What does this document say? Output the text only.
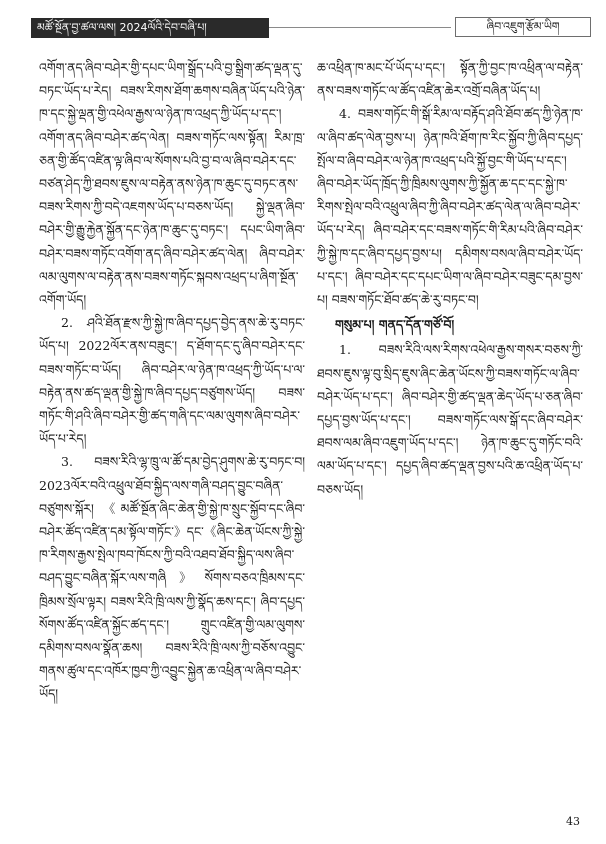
མཚོ་སྔོན་བྱ་ཚལ་ལས། 2024ལོའི་དེབ་བཞི་པ།	ཞིབ་འཇུག་རྩོམ་ཡིག

འགོག་ནད་ཞིབ་བཤེར་གྱི་དཔང་ཡིག་སྒྲོད་པའི་བྱ་སྒྲིག་ཚད་ལྡན་དུ་བཏང་ཡོད་པ་རེད། བཟས་རིགས་ཐོག་ཆགས་བཞིན་ཡོད་པའི་ཉེན་ཁ་དང་སྐྱེ་ལྡན་གྱི་འཕེལ་རྒྱས་ལ་ཉེན་ཁ་འཕྲད་ཀྱི་ཡོད་པ་དང་། འགོག་ནད་ཞིབ་བཤེར་ཚད་ལེན། བཟས་གཏོང་ལས་སྟོན། རིམ་ཁྲ་ཅན་གྱི་ཚོད་འཛིན་ལྟ་ཞིབ་ལ་སོགས་པའི་བྱ་བ་ལ་ཞིབ་བཤེར་དང་བཙན་ཤེད་ཀྱི་ཐབས་ཇུས་ལ་བརྟེན་ནས་ཉེན་ཁ་ཆུང་དུ་བཏང་ནས་བཟས་རིགས་ཀྱི་བདེ་འཇགས་ཡོད་པ་བཅས་ཡོད། སྐྱེ་ལྡན་ཞིབ་བཤེར་གྱི་རྒྱུ་རྐྱེན་སྐྱོན་དང་ཉེན་ཁ་ཆུང་དུ་བཏང་། དཔང་ཡིག་ཞིབ་བཤེར་བཟས་གཏོང་འགོག་ནད་ཞིབ་བཤེར་ཚད་ལེན། ཞིབ་བཤེར་ལམ་ལུགས་ལ་བརྟེན་ནས་བཟས་གཏོང་སྐབས་འཕྲད་པ་ཞིག་སྔོན་འགོག་ཡོད།

2. ཤའི་ཐོན་རྫས་ཀྱི་སྐྱེ་ཁ་ཞིབ་དཔྱད་བྱེད་ནས་ཆེ་རུ་བཏང་ཡོད་པ། 2022ལོར་ནས་བཟུང་། ད་ཐོག་དང་དུ་ཞིབ་བཤེར་དང་བཟས་གཏོང་བ་ཡོད། ཞིབ་བཤེར་ལ་ཉེན་ཁ་འཕྲད་ཀྱི་ཡོད་པ་ལ་བརྟེན་ནས་ཚད་ལྡན་གྱི་སྐྱེ་ཁ་ཞིབ་དཔྱད་བཙུགས་ཡོད། བཟས་གཏོང་གི་ཤའི་ཞིབ་བཤེར་གྱི་ཚད་གཞི་དང་ལམ་ལུགས་ཞིབ་བཤེར་ཡོད་པ་རེད།

3. བཟས་རིའི་ལྷ་ཁྲུ་ལ་ཚོ་དམ་བྱེད་ཤུགས་ཆེ་རུ་བཏང་བ། 2023ལོར་བའི་འཕྲུལ་ཐོབ་སྐྱིད་ལས་གཞི་བཤད་བྱུང་བཞིན་བཙུགས་སྐོར། 《མཚོ་སྔོན་ཞིང་ཆེན་གྱི་སྐྱེ་ཁ་སྲུང་སྐྱོབ་དང་ཞིབ་བཤེར་ཚོད་འཛིན་དམ་སྟོལ་གཏོང་》དང་《ཞིང་ཆེན་ཡོངས་ཀྱི་སྐྱེ་ཁ་རིགས་རྒྱས་སྤེལ་ཁབ་ཁོངས་ཀྱི་བའི་འཐབ་ཐོབ་སྐྱིད་ལས་ཞིབ་བཤད་བྱུང་བཞིན་སྐོར་ལས་གཞི》སོགས་བཅའ་ཁྲིམས་དང་ཁྲིམས་སྲོལ་ལྟར། བཟས་རིའི་ཁྲི་ལས་ཀྱི་སྣོད་ཆས་དང་། ཞིབ་དཔྱད་སོགས་ཚོད་འཛིན་སྐྱོང་ཚད་དང་། གྲུང་འཛིན་གྱི་ལམ་ལུགས་དམིགས་བསལ་སྣོན་ཆས། བཟས་རིའི་ཁྲི་ལས་ཀྱི་བཅོས་འབྱུང་གནས་ཚུལ་དང་འཁོར་ཁྱབ་ཀྱི་འབྱུང་སྐྱེན་ཆ་འཕྲིན་ལ་ཞིབ་བཤེར་ཡོད།

ཆ་འཕྲིན་ཁ་མང་པོ་ཡོད་པ་དང་། སྟོན་ཀྱི་བྱང་ཁ་འཕྲིན་ལ་བརྟེན་ནས་བཟས་གཏོང་ལ་ཚོད་འཛིན་ཆེར་འགྲོ་བཞིན་ཡོད་པ།

4. བཟས་གཏོང་གི་སྒོ་རིམ་ལ་བརྟོད་ཤའི་ཐོབ་ཚད་ཀྱི་ཉེན་ཁ་ལ་ཞིབ་ཚད་ལེན་བྱས་པ། ཉེན་ཁའི་ཐོག་ཁ་རིང་སྐྱོབ་ཀྱི་ཞིབ་དཔྱད་སྤོལ་བ་ཞིབ་བཤེར་ལ་ཉེན་ཁ་འཕྲད་པའི་སྐྱོ་བྱང་གི་ཡོད་པ་དང་། ཞིབ་བཤེར་ཡོད་ཁྲོད་ཀྱི་ཁྲིམས་ལུགས་ཀྱི་སྐྱོན་ཆ་དང་དང་སྐྱེ་ཁ་རིགས་སྤེལ་བའི་འཕྲུལ་ཞིབ་ཀྱི་ཞིབ་བཤེར་ཚད་ལེན་ལ་ཞིབ་བཤེར་ཡོད་པ་རེད། ཞིབ་བཤེར་དང་བཟས་གཏོང་གི་རིམ་པའི་ཞིབ་བཤེར་ཀྱི་སྐྱེ་ཁ་དང་ཞིབ་དཔྱད་བྱས་པ། དམིགས་བསལ་ཞིབ་བཤེར་ཡོད་པ་དང་། ཞིབ་བཤེར་དང་དཔང་ཡིག་ལ་ཞིབ་བཤེར་བཟུང་དམ་བྱས་པ། བཟས་གཏོང་ཐོབ་ཚད་ཆེ་རུ་བཏང་བ།

གསུམ་པ། གནད་དོན་གཙོ་བོ།

1. བཟས་རིའི་ལས་རིགས་འཕེལ་རྒྱས་གསར་བཅས་ཀྱི་ཐབས་ཇུས་ལྟ་བུ་སྲིད་ཇུས་ཞིང་ཆེན་ཡོངས་ཀྱི་བཟས་གཏོང་ལ་ཞིབ་བཤེར་ཡོད་པ་དང་། ཞིབ་བཤེར་གྱི་ཚད་ལྡན་ཆེད་ཡོད་པ་ཅན་ཞིབ་དཔྱད་བྱས་ཡོད་པ་དང་། བཟས་གཏོང་ལས་སྒོ་དང་ཞིབ་བཤེར་ཐབས་ལམ་ཞིབ་འཇུག་ཡོད་པ་དང་། ཉེན་ཁ་ཆུང་དུ་གཏོང་བའི་ལམ་ཡོད་པ་དང་། དཔྱད་ཞིབ་ཚད་ལྡན་བྱས་པའི་ཆ་འཕྲིན་ཡོད་པ་བཅས་ཡོད།

43
